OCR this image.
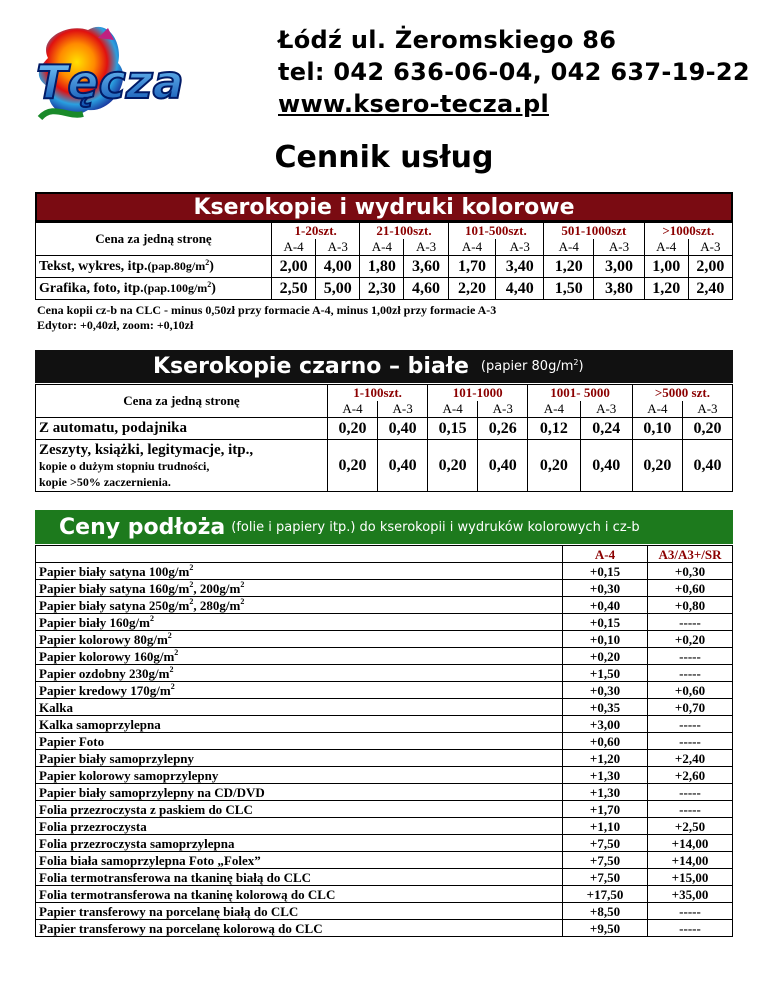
Tęcza
Łódź ul. Żeromskiego 86
tel: 042 636-06-04, 042 637-19-22
www.ksero-tecza.pl
Cennik usług
Kserokopie i wydruki kolorowe
Cena za jedną stronę	1-20szt.		21-100szt.		101-500szt.		501-1000szt		>1000szt.	
	A-4	A-3	A-4	A-3	A-4	A-3	A-4	A-3	A-4	A-3
Tekst, wykres, $itp.(pap.80g/m^2)$	2,00	4,00	1,80	3,60	1,70	3,40	1,20	3,00	1,00	2,00
Grafika, foto, $itp.(pap.100g/m^2)$	2,50	5,00	2,30	4,60	2,20	4,40	1,50	3,80	1,20	2,40
Cena kopii cz-b na CLC - minus 0,50zł przy formacie A-4, minus 1,00zł przy formacie A-3
Edytor: +0,40zł, zoom: +0,10zł
Kserokopie czarno – białe (papier $80g/m^2$)
Cena za jedną stronę	1-100szt.		101-1000		1001- 5000		>5000 szt.	
	A-4	A-3	A-4	A-3	A-4	A-3	A-4	A-3
Z automatu, podajnika	0,20	0,40	0,15	0,26	0,12	0,24	0,10	0,20

Zeszyty, książki, legitymacje, itp.,
kopie o dużym stopniu trudności,
kopie >50% zaczernienia.	0,20	0,40	0,20	0,40	0,20	0,40	0,20	0,40
Ceny podłoża (folie i papiery itp.) do kserokopii i wydruków kolorowych i cz-b
	A-4	A3/A3+/SR
Papier biały satyna $100g/m^2$	+0,15	+0,30
Papier biały satyna $160g/m^2$, $200g/m^2$	+0,30	+0,60
Papier biały satyna $250g/m^2$, $280g/m^2$	+0,40	+0,80
Papier biały $160g/m^2$	+0,15	-----
Papier kolorowy $80g/m^2$	+0,10	+0,20
Papier kolorowy $160g/m^2$	+0,20	-----
Papier ozdobny $230g/m^2$	+1,50	-----
Papier kredowy $170g/m^2$	+0,30	+0,60
Kalka	+0,35	+0,70
Kalka samoprzylepna	+3,00	-----
Papier Foto	+0,60	-----
Papier biały samoprzylepny	+1,20	+2,40
Papier kolorowy samoprzylepny	+1,30	+2,60
Papier biały samoprzylepny na CD/DVD	+1,30	-----
Folia przezroczysta z paskiem do CLC	+1,70	-----
Folia przezroczysta	+1,10	+2,50
Folia przezroczysta samoprzylepna	+7,50	+14,00
Folia biała samoprzylepna Foto „Folex”	+7,50	+14,00
Folia termotransferowa na tkaninę białą do CLC	+7,50	+15,00
Folia termotransferowa na tkaninę kolorową do CLC	+17,50	+35,00
Papier transferowy na porcelanę białą do CLC	+8,50	-----
Papier transferowy na porcelanę kolorową do CLC	+9,50	-----
